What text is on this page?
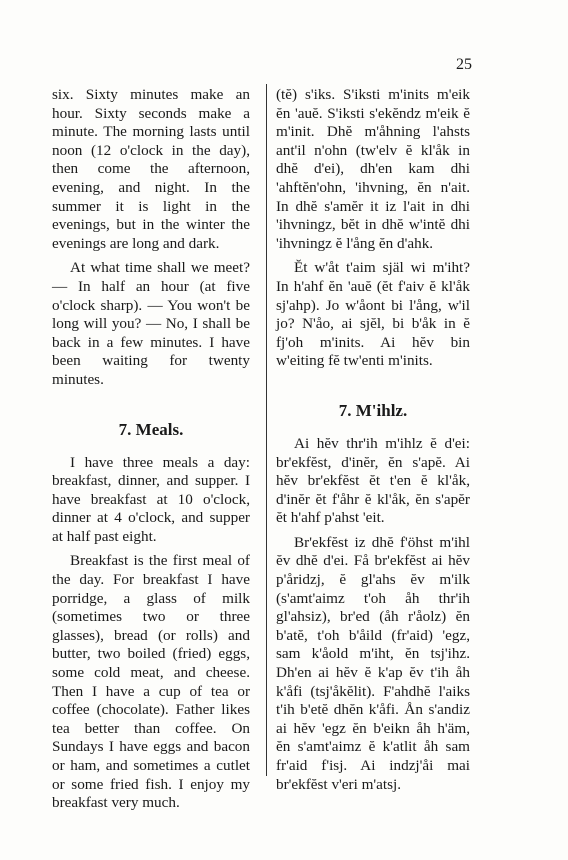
25

six. Sixty minutes make an hour. Sixty seconds make a minute. The morning lasts until noon (12 o'clock in the day), then come the afternoon, evening, and night. In the summer it is light in the evenings, but in the winter the evenings are long and dark.

At what time shall we meet? — In half an hour (at five o'clock sharp). — You won't be long will you? — No, I shall be back in a few minutes. I have been waiting for twenty minutes.

7. Meals.

I have three meals a day: breakfast, dinner, and supper. I have breakfast at 10 o'clock, dinner at 4 o'clock, and supper at half past eight.

Breakfast is the first meal of the day. For breakfast I have porridge, a glass of milk (sometimes two or three glasses), bread (or rolls) and butter, two boiled (fried) eggs, some cold meat, and cheese. Then I have a cup of tea or coffee (chocolate). Father likes tea better than coffee. On Sundays I have eggs and bacon or ham, and sometimes a cutlet or some fried fish. I enjoy my breakfast very much.

(tĕ) s'iks. S'iksti m'inits m'eik ĕn 'auĕ. S'iksti s'ekĕndz m'eik ĕ m'init. Dhĕ m'åhning l'ahsts ant'il n'ohn (tw'elv ĕ kl'åk in dhĕ d'ei), dh'en kam dhi 'ahftĕn'ohn, 'ihvning, ĕn n'ait. In dhĕ s'amĕr it iz l'ait in dhi 'ihvningz, bĕt in dhĕ w'intĕ dhi 'ihvningz ĕ l'ång ĕn d'ahk.

Ĕt w'åt t'aim själ wi m'iht? In h'ahf ĕn 'auĕ (ĕt f'aiv ĕ kl'åk sj'ahp). Jo w'åont bi l'ång, w'il jo? N'åo, ai sjĕl, bi b'åk in ĕ fj'oh m'inits. Ai hĕv bin w'eiting fĕ tw'enti m'inits.

7. M'ihlz.

Ai hĕv thr'ih m'ihlz ĕ d'ei: br'ekfĕst, d'inĕr, ĕn s'apĕ. Ai hĕv br'ekfĕst ĕt t'en ĕ kl'åk, d'inĕr ĕt f'åhr ĕ kl'åk, ĕn s'apĕr ĕt h'ahf p'ahst 'eit.

Br'ekfĕst iz dhĕ f'öhst m'ihl ĕv dhĕ d'ei. Få br'ekfĕst ai hĕv p'åridzj, ĕ gl'ahs ĕv m'ilk (s'amt'aimz t'oh åh thr'ih gl'ahsiz), br'ed (åh r'åolz) ĕn b'atĕ, t'oh b'åild (fr'aid) 'egz, sam k'åold m'iht, ĕn tsj'ihz. Dh'en ai hĕv ĕ k'ap ĕv t'ih åh k'åfi (tsj'åkĕlit). F'ahdhĕ l'aiks t'ih b'etĕ dhĕn k'åfi. Ån s'andiz ai hĕv 'egz ĕn b'eikn åh h'äm, ĕn s'amt'aimz ĕ k'atlit åh sam fr'aid f'isj. Ai indzj'åi mai br'ekfĕst v'eri m'atsj.
